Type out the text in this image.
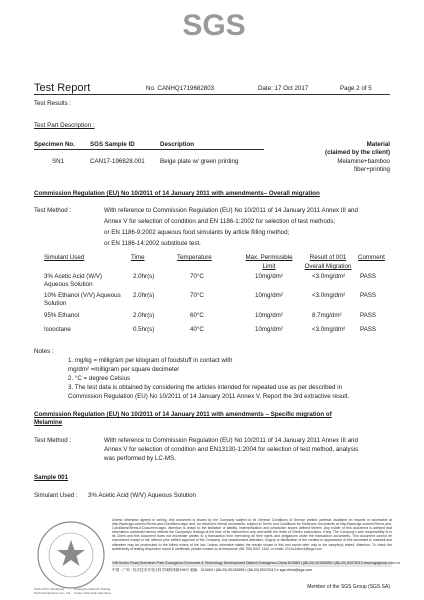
SGS
Test Report	No. CANHQ1719682803	Date: 17 Oct 2017	Page 2 of 5
Test Results :
Test Part Description :
Specimen No. SGS Sample ID	Description	Material
(claimed by the client)
SN1	CAN17-196828.001 Beige plate w/ green printing	Melamine+bamboo
fiber+printing
Commission Regulation (EU) No 10/2011 of 14 January 2011 with amendments– Overall migration
Test Method :	With reference to Commission Regulation (EU) No 10/2011 of 14 January 2011 Annex III and
Annex V for selection of condition and EN 1186-1:2002 for selection of test methods;
or EN 1186-9:2002 aqueous food simulants by article filling method;
or EN 1186-14:2002 substitute test.
Simulant Used	Time	Temperature	Max. Permissible
Limit
Result of 001
Overall Migration
Comment
3% Acetic Acid (W/V)
Aqueous Solution
2.0hr(s)	70°C	10mg/dm²	<3.0mg/dm² PASS
10% Ethanol (V/V) Aqueous
Solution
2.0hr(s)	70°C	10mg/dm²	<3.0mg/dm² PASS
95% Ethanol	2.0hr(s)	60°C	10mg/dm²	8.7mg/dm²	PASS
Isooctane	0.5hr(s)	40°C	10mg/dm²	<3.0mg/dm² PASS
Notes :
1. mg/kg = milligram per kilogram of foodstuff in contact with
mg/dm² =milligram per square decimeter
2. °C = degree Celsius
3. The test data is obtained by considering the articles intended for repeated use as per described in
Commission Regulation (EU) No 10/2011 of 14 January 2011 Annex V. Report the 3rd extractive result.
Commission Regulation (EU) No 10/2011 of 14 January 2011 with amendments – Specific migration of
Melamine
Test Method :	With reference to Commission Regulation (EU) No 10/2011 of 14 January 2011 Annex III and
Annex V for selection of condition and EN13130-1:2004 for selection of test method, analysis
was performed by LC-MS.
Sample 001
Simulant Used : 3% Acetic Acid (W/V) Aqueous Solution
SGS-CSTC Standards Technical Services Co., Ltd.
Guangzhou Branch Testing Center Chemical Laboratory
Unless otherwise agreed in writing, this document is issued by the Company subject to its General Conditions of Service printed overleaf, available on request or accessible at http://www.sgs.com/en/Terms-and-Conditions.aspx and, for electronic format documents, subject to Terms and Conditions for Electronic Documents at http://www.sgs.com/en/Terms-and-Conditions/Terms-e-Document.aspx. Attention is drawn to the limitation of liability, indemnification and jurisdiction issues defined therein. Any holder of this document is advised that information contained hereon reflects the Company's findings at the time of its intervention only and within the limits of Client's instructions, if any. The Company's sole responsibility is to its Client and this document does not exonerate parties to a transaction from exercising all their rights and obligations under the transaction documents. This document cannot be reproduced except in full, without prior written approval of the Company. Any unauthorized alteration, forgery or falsification of the content or appearance of this document is unlawful and offenders may be prosecuted to the fullest extent of the law. Unless otherwise stated the results shown in this test report refer only to the sample(s) tested. Attention: To check the authenticity of testing /inspection report & certificate, please contact us at telephone: (86-755) 8307 1443, or email: CN.Doccheck@sgs.com
198 Kezhu Road,Scientech Park Guangzhou Economic & Technology Development District,Guangzhou,China 510663 t (86-20) 82155555 f (86-20) 82075113 www.sgsgroup.com.cn
中国 · 广州 · 经济技术开发区科学城科珠路198号 邮编：510663 t (86-20) 82155555 f (86-20) 82075113 e sgs.china@sgs.com
Member of the SGS Group (SGS SA)
